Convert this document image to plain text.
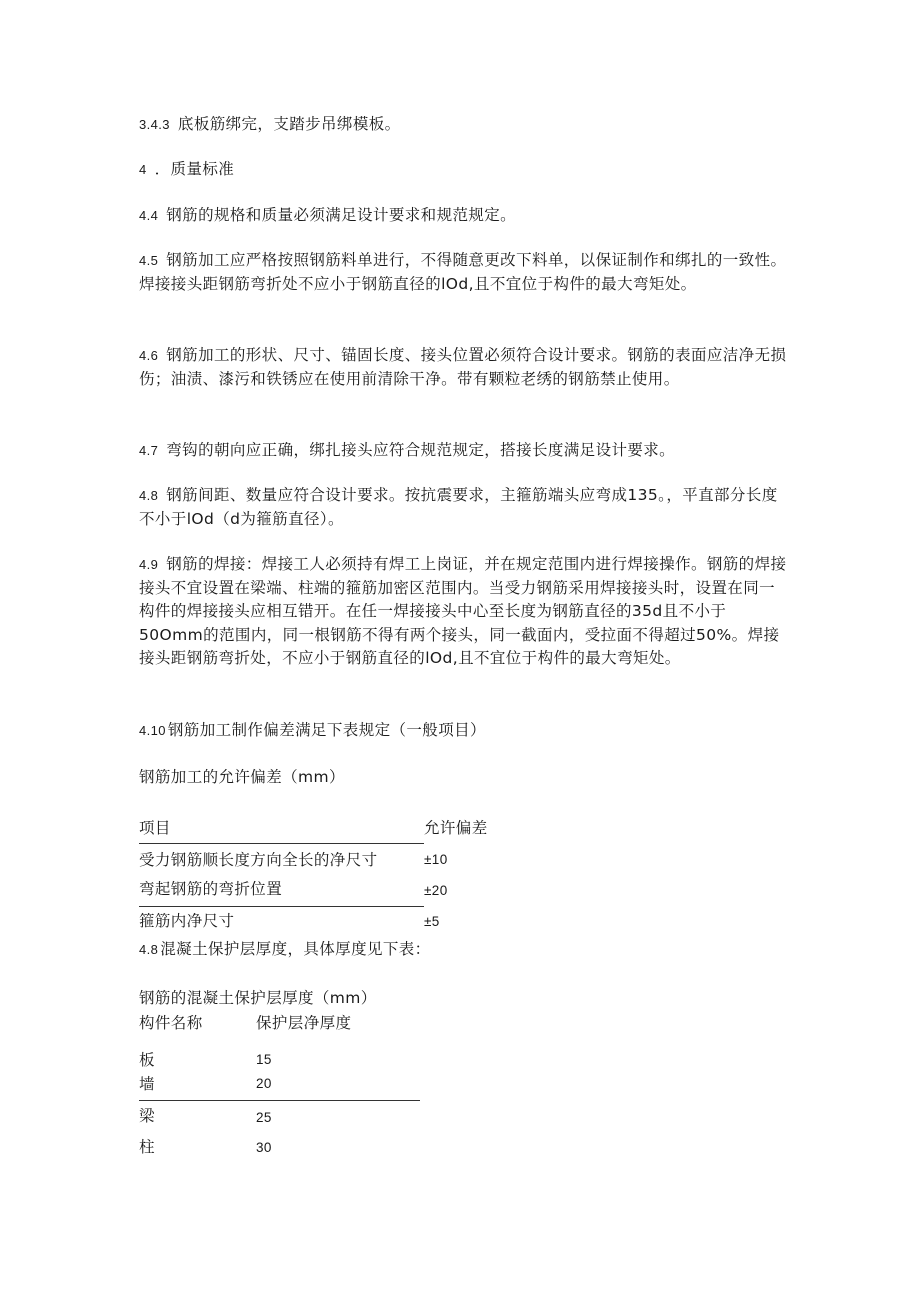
3.4.3 底板筋绑完，支踏步吊绑模板。

4 ．质量标准

4.4 钢筋的规格和质量必须满足设计要求和规范规定。

4.5 钢筋加工应严格按照钢筋料单进行，不得随意更改下料单，以保证制作和绑扎的一致性。焊接接头距钢筋弯折处不应小于钢筋直径的lOd,且不宜位于构件的最大弯矩处。

4.6 钢筋加工的形状、尺寸、锚固长度、接头位置必须符合设计要求。钢筋的表面应洁净无损伤；油渍、漆污和铁锈应在使用前清除干净。带有颗粒老绣的钢筋禁止使用。

4.7 弯钩的朝向应正确，绑扎接头应符合规范规定，搭接长度满足设计要求。

4.8 钢筋间距、数量应符合设计要求。按抗震要求，主箍筋端头应弯成135。，平直部分长度不小于lOd（d为箍筋直径）。

4.9 钢筋的焊接：焊接工人必须持有焊工上岗证，并在规定范围内进行焊接操作。钢筋的焊接接头不宜设置在梁端、柱端的箍筋加密区范围内。当受力钢筋采用焊接接头时，设置在同一构件的焊接接头应相互错开。在任一焊接接头中心至长度为钢筋直径的35d且不小于50Omm的范围内，同一根钢筋不得有两个接头，同一截面内，受拉面不得超过50%。焊接接头距钢筋弯折处，不应小于钢筋直径的lOd,且不宜位于构件的最大弯矩处。

4.10 钢筋加工制作偏差满足下表规定（一般项目）

钢筋加工的允许偏差（mm）
项目	允许偏差
受力钢筋顺长度方向全长的净尺寸	±10
弯起钢筋的弯折位置	±20
箍筋内净尺寸	±5

4.8 混凝土保护层厚度，具体厚度见下表：

钢筋的混凝土保护层厚度（mm）
构件名称	保护层净厚度
板	15
墙	20
梁	25
柱	30
